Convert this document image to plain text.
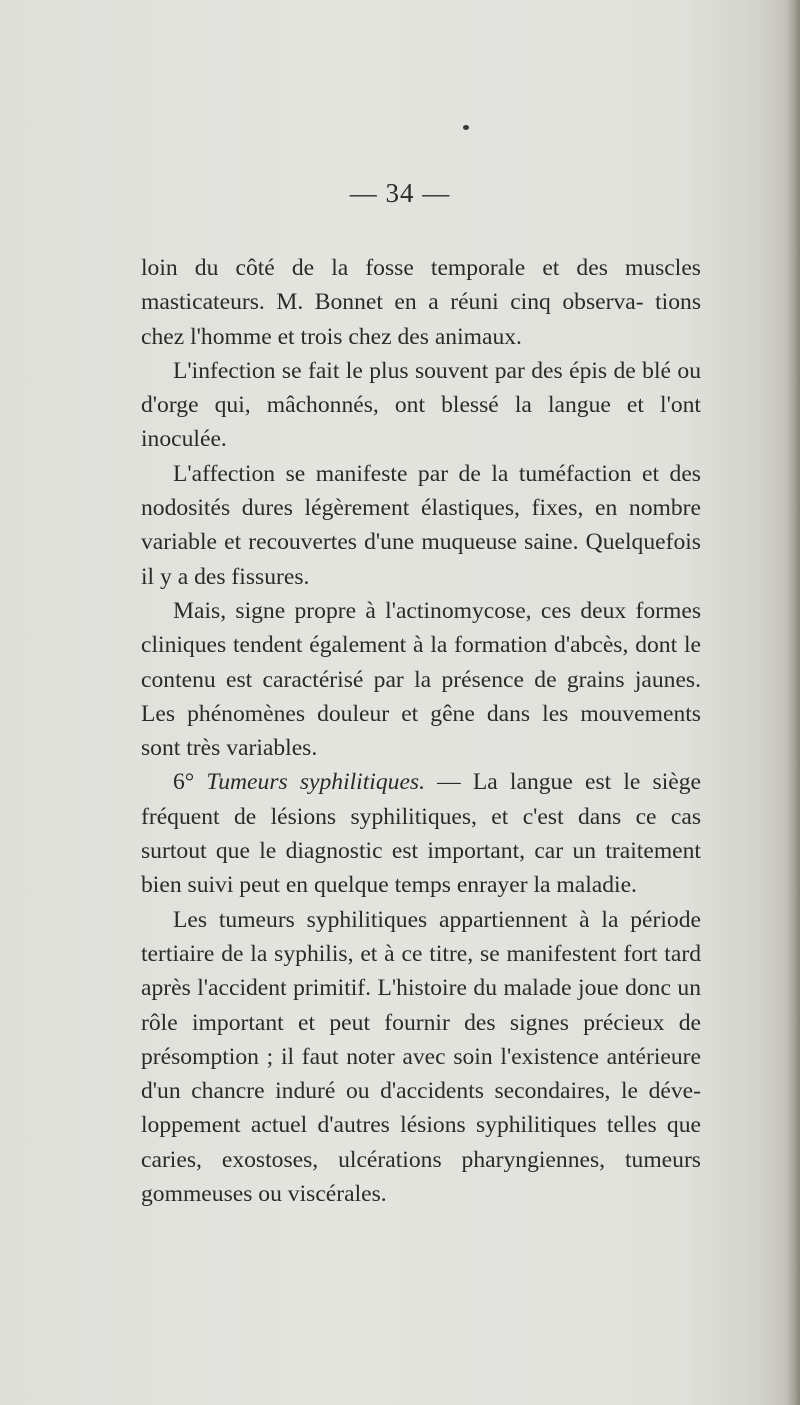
— 34 —

loin du côté de la fosse temporale et des muscles masticateurs. M. Bonnet en a réuni cinq observa- tions chez l'homme et trois chez des animaux.

L'infection se fait le plus souvent par des épis de blé ou d'orge qui, mâchonnés, ont blessé la langue et l'ont inoculée.

L'affection se manifeste par de la tuméfaction et des nodosités dures légèrement élastiques, fixes, en nombre variable et recouvertes d'une muqueuse saine. Quelquefois il y a des fissures.

Mais, signe propre à l'actinomycose, ces deux formes cliniques tendent également à la formation d'abcès, dont le contenu est caractérisé par la présence de grains jaunes. Les phénomènes douleur et gêne dans les mouvements sont très variables.

6° Tumeurs syphilitiques. — La langue est le siège fréquent de lésions syphilitiques, et c'est dans ce cas surtout que le diagnostic est important, car un traitement bien suivi peut en quelque temps enrayer la maladie.

Les tumeurs syphilitiques appartiennent à la période tertiaire de la syphilis, et à ce titre, se manifestent fort tard après l'accident primitif. L'histoire du malade joue donc un rôle important et peut fournir des signes précieux de présomption ; il faut noter avec soin l'existence antérieure d'un chancre induré ou d'accidents secondaires, le déve- loppement actuel d'autres lésions syphilitiques telles que caries, exostoses, ulcérations pharyngiennes, tumeurs gommeuses ou viscérales.
